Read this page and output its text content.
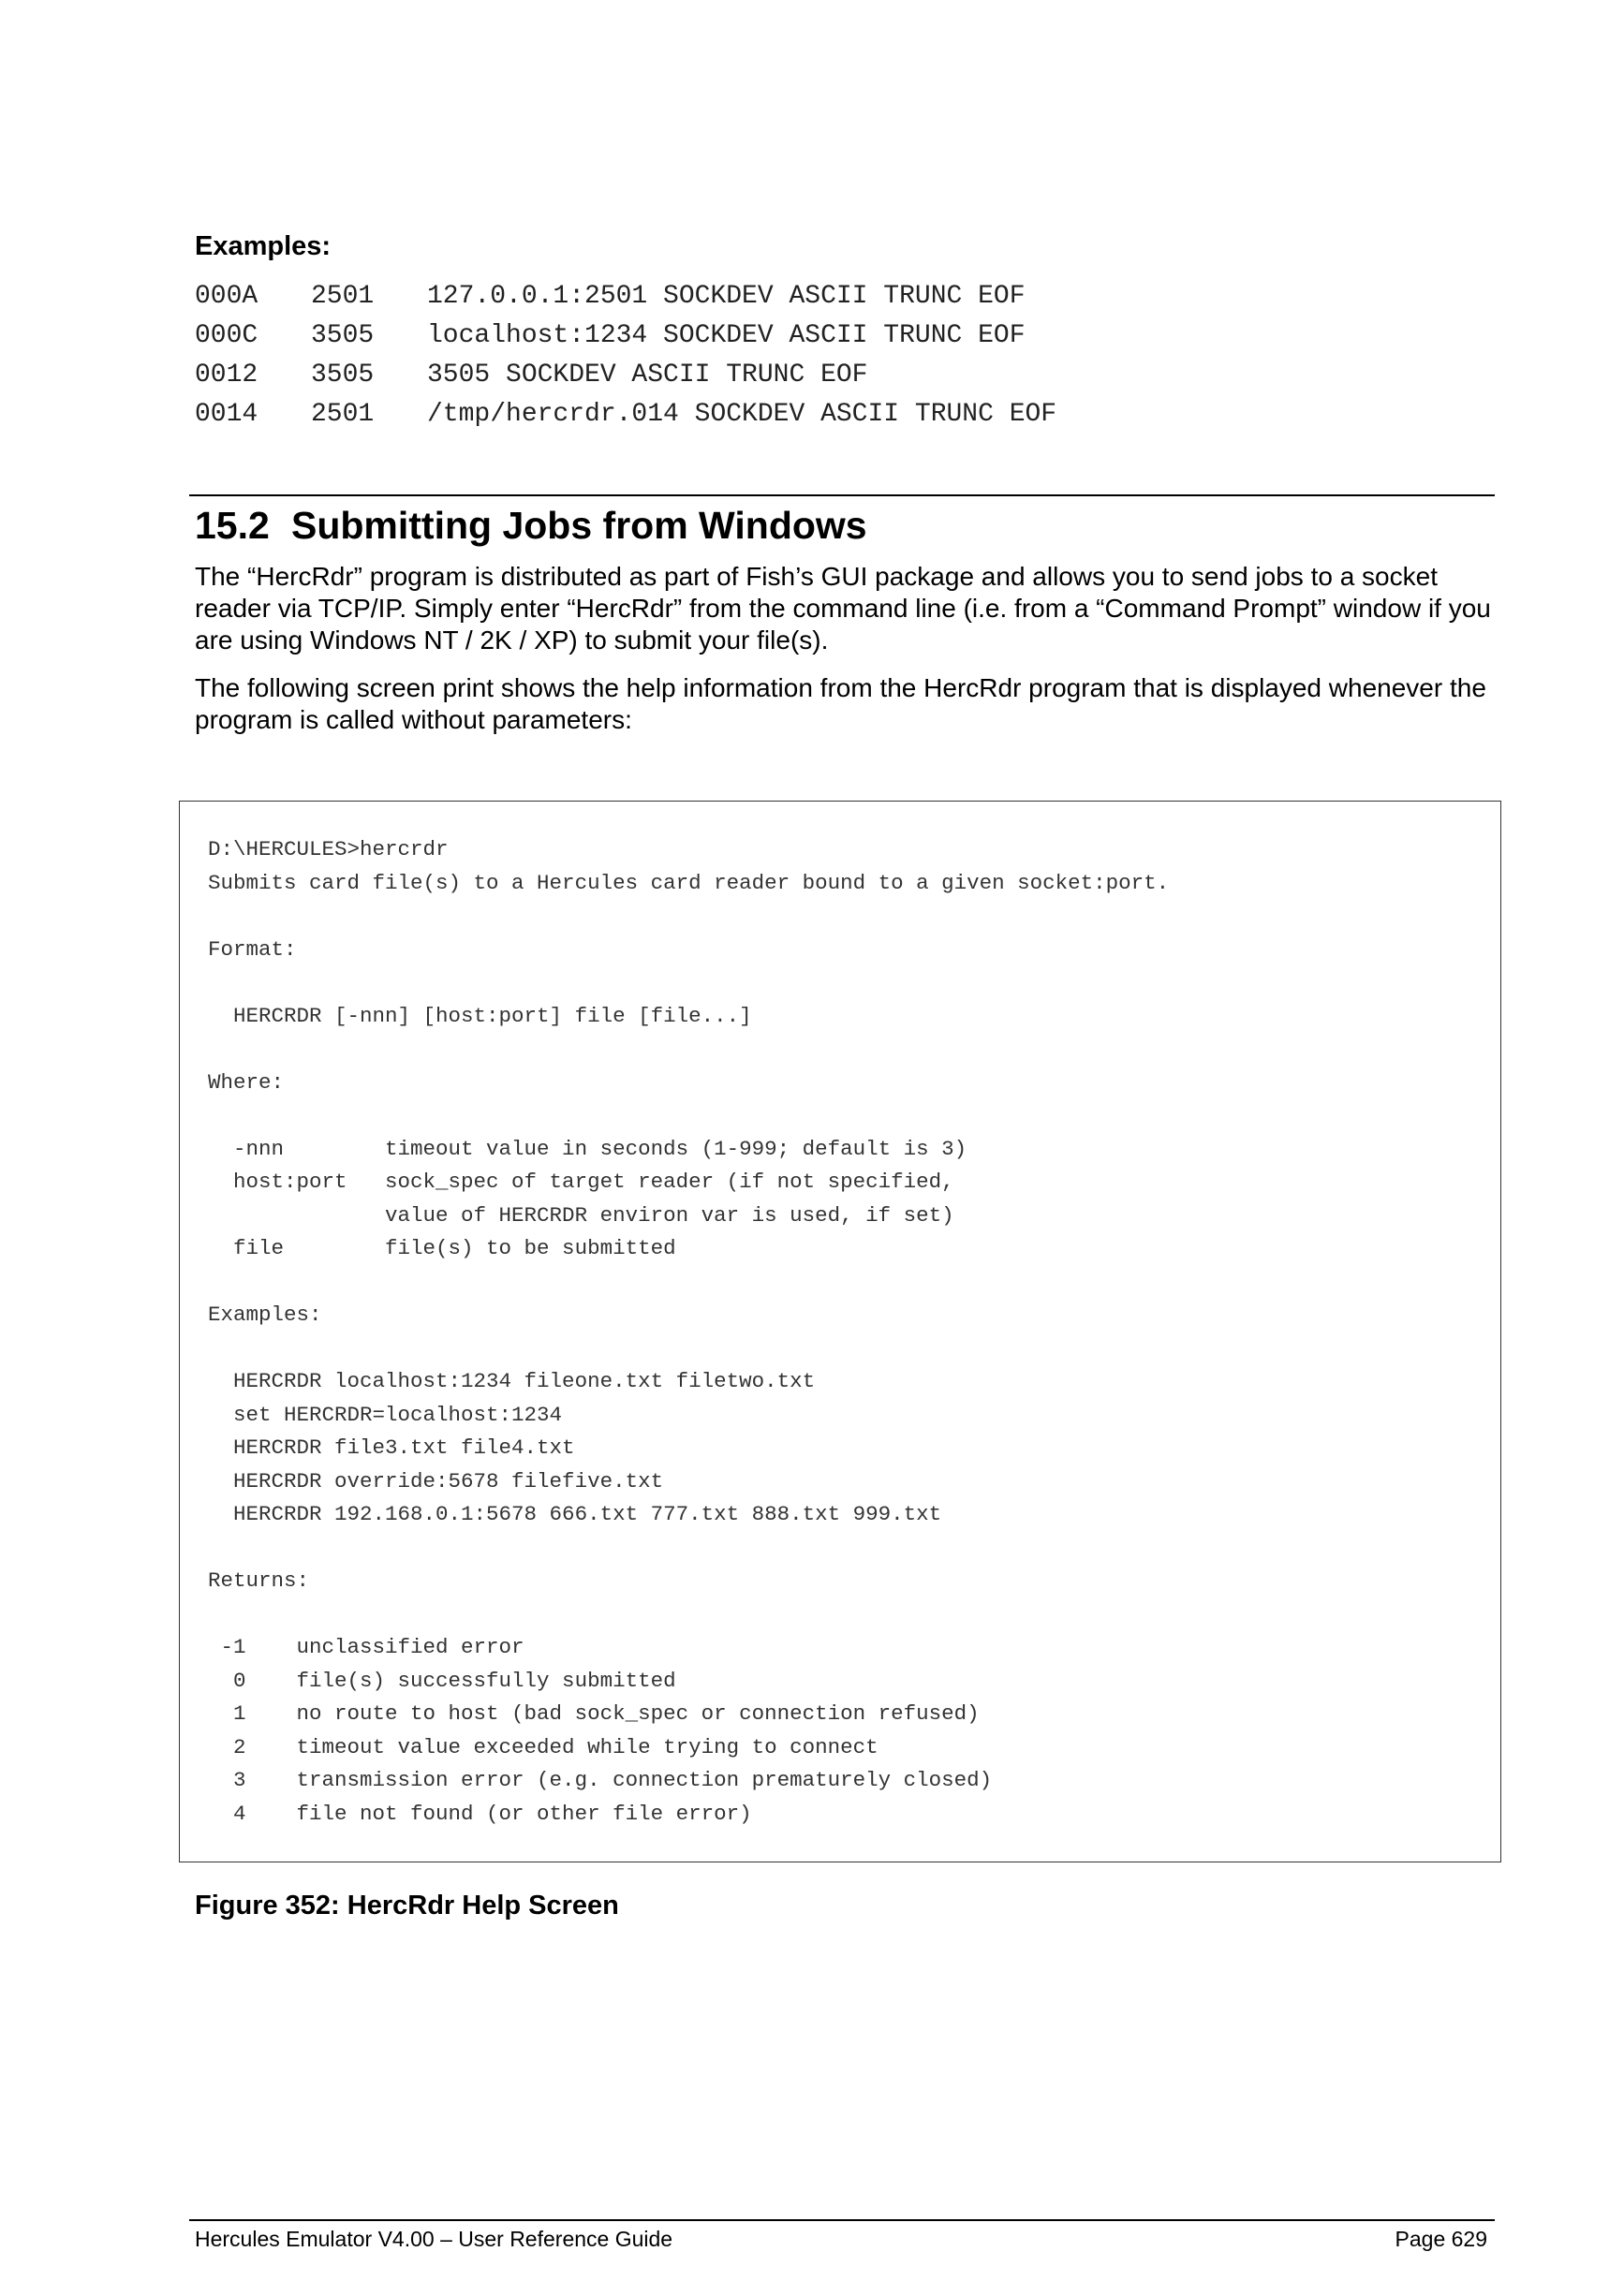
Examples:
000A 2501 127.0.0.1:2501 SOCKDEV ASCII TRUNC EOF
000C 3505 localhost:1234 SOCKDEV ASCII TRUNC EOF
0012 3505 3505 SOCKDEV ASCII TRUNC EOF
0014 2501 /tmp/hercrdr.014 SOCKDEV ASCII TRUNC EOF
15.2 Submitting Jobs from Windows
The “HercRdr” program is distributed as part of Fish’s GUI package and allows you to send jobs to a socket reader via TCP/IP. Simply enter “HercRdr” from the command line (i.e. from a “Command Prompt” window if you are using Windows NT / 2K / XP) to submit your file(s).
The following screen print shows the help information from the HercRdr program that is displayed whenever the program is called without parameters:
D:\HERCULES>hercrdr
Submits card file(s) to a Hercules card reader bound to a given socket:port.

Format:

HERCRDR [-nnn] [host:port] file [file...]

Where:

-nnn        timeout value in seconds (1-999; default is 3)
host:port   sock_spec of target reader (if not specified,
value of HERCRDR environ var is used, if set)
file        file(s) to be submitted

Examples:

HERCRDR localhost:1234 fileone.txt filetwo.txt
set HERCRDR=localhost:1234
HERCRDR file3.txt file4.txt
HERCRDR override:5678 filefive.txt
HERCRDR 192.168.0.1:5678 666.txt 777.txt 888.txt 999.txt

Returns:

-1    unclassified error
0    file(s) successfully submitted
1    no route to host (bad sock_spec or connection refused)
2    timeout value exceeded while trying to connect
3    transmission error (e.g. connection prematurely closed)
4    file not found (or other file error)
Figure 352: HercRdr Help Screen
Hercules Emulator V4.00 – User Reference Guide	Page 629
